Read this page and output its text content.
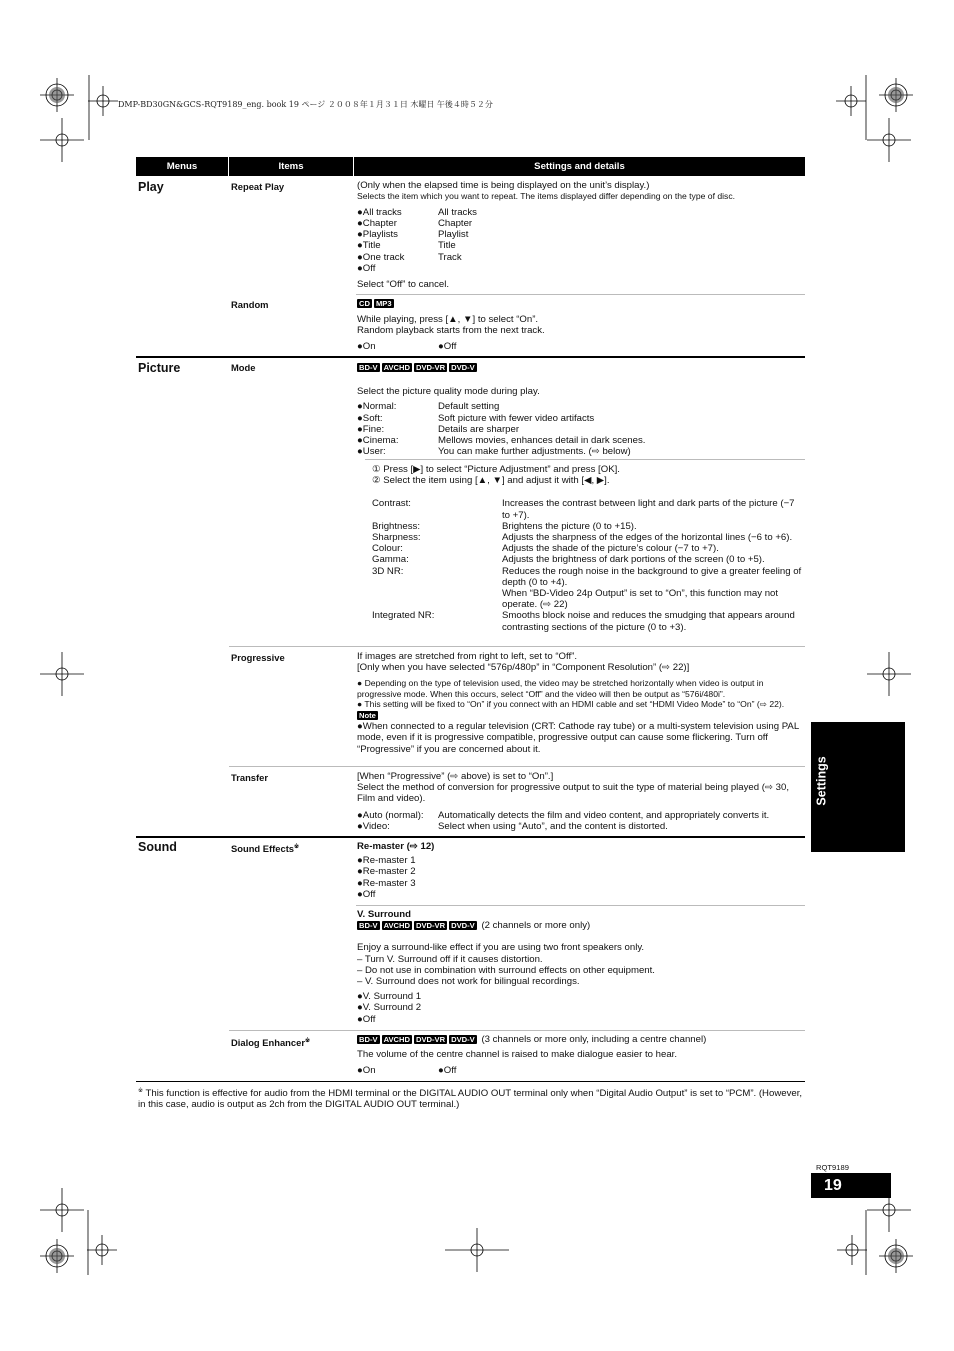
DMP-BD30GN&GCS-RQT9189_eng. book 19 ページ ２００８年１月３１日 木曜日 午後４時５２分
Menus	Items	Settings and details
Play	Repeat Play	(Only when the elapsed time is being displayed on the unit’s display.)

Selects the item which you want to repeat. The items displayed differ depending on the type of disc.

●All tracks	All tracks
●Chapter	Chapter
●Playlists	Playlist
●Title	Title
●One track	Track
●Off

Select “Off” to cancel.

Random	CD MP3

While playing, press [▲, ▼] to select “On”.

Random playback starts from the next track.

●On	●Off
Picture	Mode	BD-V AVCHD DVD-VR DVD-V

Select the picture quality mode during play.

●Normal:	Default setting
●Soft:	Soft picture with fewer video artifacts
●Fine:	Details are sharper
●Cinema:	Mellows movies, enhances detail in dark scenes.
●User:	You can make further adjustments. (⇨ below)

① Press [▶] to select “Picture Adjustment” and press [OK].

② Select the item using [▲, ▼] and adjust it with [◀, ▶].

Contrast:	Increases the contrast between light and dark parts of the picture (−7 to +7).
Brightness:	Brightens the picture (0 to +15).
Sharpness:	Adjusts the sharpness of the edges of the horizontal lines (−6 to +6).
Colour:	Adjusts the shade of the picture’s colour (−7 to +7).
Gamma:	Adjusts the brightness of dark portions of the screen (0 to +5).
3D NR:	Reduces the rough noise in the background to give a greater feeling of depth (0 to +4).
When “BD-Video 24p Output” is set to “On”, this function may not operate. (⇨ 22)
Integrated NR:	Smooths block noise and reduces the smudging that appears around contrasting sections of the picture (0 to +3).
Progressive	If images are stretched from right to left, set to “Off”.

[Only when you have selected “576p/480p” in “Component Resolution” (⇨ 22)]

● Depending on the type of television used, the video may be stretched horizontally when video is output in progressive mode. When this occurs, select “Off” and the video will then be output as “576i/480i”.

● This setting will be fixed to “On” if you connect with an HDMI cable and set “HDMI Video Mode” to “On” (⇨ 22).

Note

●When connected to a regular television (CRT: Cathode ray tube) or a multi-system television using PAL mode, even if it is progressive compatible, progressive output can cause some flickering. Turn off “Progressive” if you are concerned about it.

Transfer	[When “Progressive” (⇨ above) is set to “On”.]

Select the method of conversion for progressive output to suit the type of material being played (⇨ 30, Film and video).

●Auto (normal):	Automatically detects the film and video content, and appropriately converts it.
●Video:	Select when using “Auto”, and the content is distorted.
Sound	Sound Effects※	Re-master (⇨ 12)

●Re-master 1

●Re-master 2

●Re-master 3

●Off

V. Surround

BD-V AVCHD DVD-VR DVD-V (2 channels or more only)

Enjoy a surround-like effect if you are using two front speakers only.

– Turn V. Surround off if it causes distortion.

– Do not use in combination with surround effects on other equipment.

– V. Surround does not work for bilingual recordings.

●V. Surround 1

●V. Surround 2

●Off

Dialog Enhancer※	BD-V AVCHD DVD-VR DVD-V (3 channels or more only, including a centre channel)

The volume of the centre channel is raised to make dialogue easier to hear.

●On	●Off
※ This function is effective for audio from the HDMI terminal or the DIGITAL AUDIO OUT terminal only when “Digital Audio Output” is set to “PCM”. (However, in this case, audio is output as 2ch from the DIGITAL AUDIO OUT terminal.)
Settings
RQT9189
19
